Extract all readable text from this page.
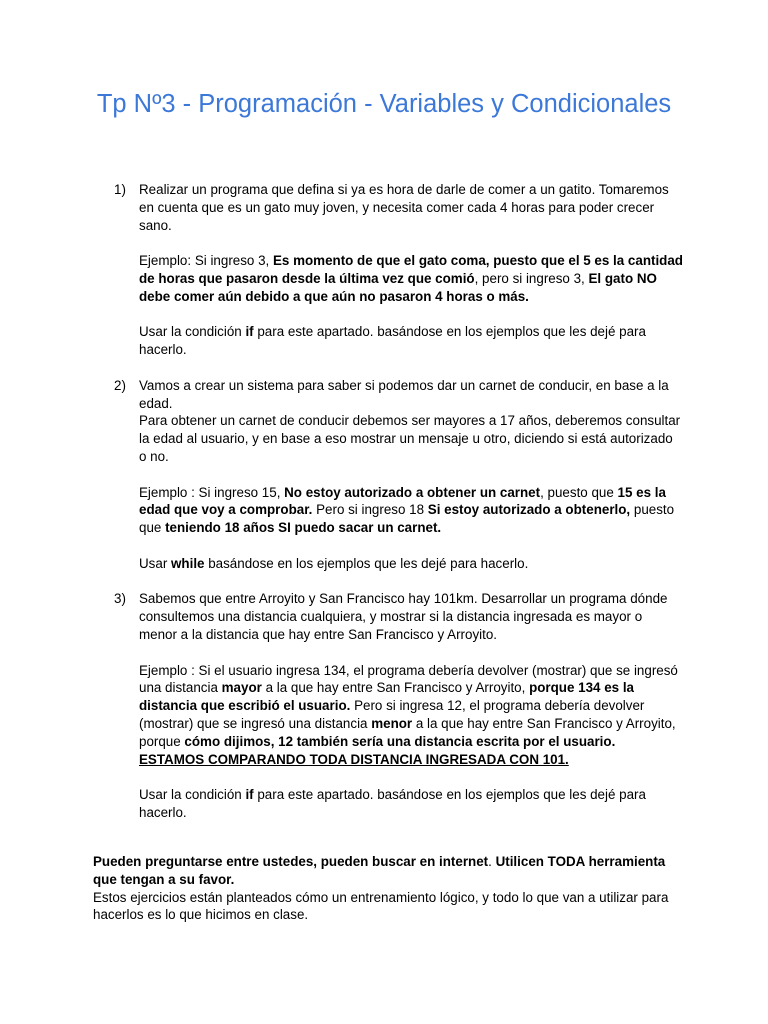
Tp Nº3 - Programación - Variables y Condicionales
1) Realizar un programa que defina si ya es hora de darle de comer a un gatito. Tomaremos en cuenta que es un gato muy joven, y necesita comer cada 4 horas para poder crecer sano.

Ejemplo: Si ingreso 3, Es momento de que el gato coma, puesto que el 5 es la cantidad de horas que pasaron desde la última vez que comió, pero si ingreso 3, El gato NO debe comer aún debido a que aún no pasaron 4 horas o más.

Usar la condición if para este apartado. basándose en los ejemplos que les dejé para hacerlo.

2) Vamos a crear un sistema para saber si podemos dar un carnet de conducir, en base a la edad.
Para obtener un carnet de conducir debemos ser mayores a 17 años, deberemos consultar la edad al usuario, y en base a eso mostrar un mensaje u otro, diciendo si está autorizado o no.

Ejemplo : Si ingreso 15, No estoy autorizado a obtener un carnet, puesto que 15 es la edad que voy a comprobar. Pero si ingreso 18 Si estoy autorizado a obtenerlo, puesto que teniendo 18 años SI puedo sacar un carnet.

Usar while basándose en los ejemplos que les dejé para hacerlo.

3) Sabemos que entre Arroyito y San Francisco hay 101km. Desarrollar un programa dónde consultemos una distancia cualquiera, y mostrar si la distancia ingresada es mayor o menor a la distancia que hay entre San Francisco y Arroyito.

Ejemplo : Si el usuario ingresa 134, el programa debería devolver (mostrar) que se ingresó una distancia mayor a la que hay entre San Francisco y Arroyito, porque 134 es la distancia que escribió el usuario. Pero si ingresa 12, el programa debería devolver (mostrar) que se ingresó una distancia menor a la que hay entre San Francisco y Arroyito, porque cómo dijimos, 12 también sería una distancia escrita por el usuario. ESTAMOS COMPARANDO TODA DISTANCIA INGRESADA CON 101.

Usar la condición if para este apartado. basándose en los ejemplos que les dejé para hacerlo.

Pueden preguntarse entre ustedes, pueden buscar en internet. Utilicen TODA herramienta que tengan a su favor.

Estos ejercicios están planteados cómo un entrenamiento lógico, y todo lo que van a utilizar para hacerlos es lo que hicimos en clase.
